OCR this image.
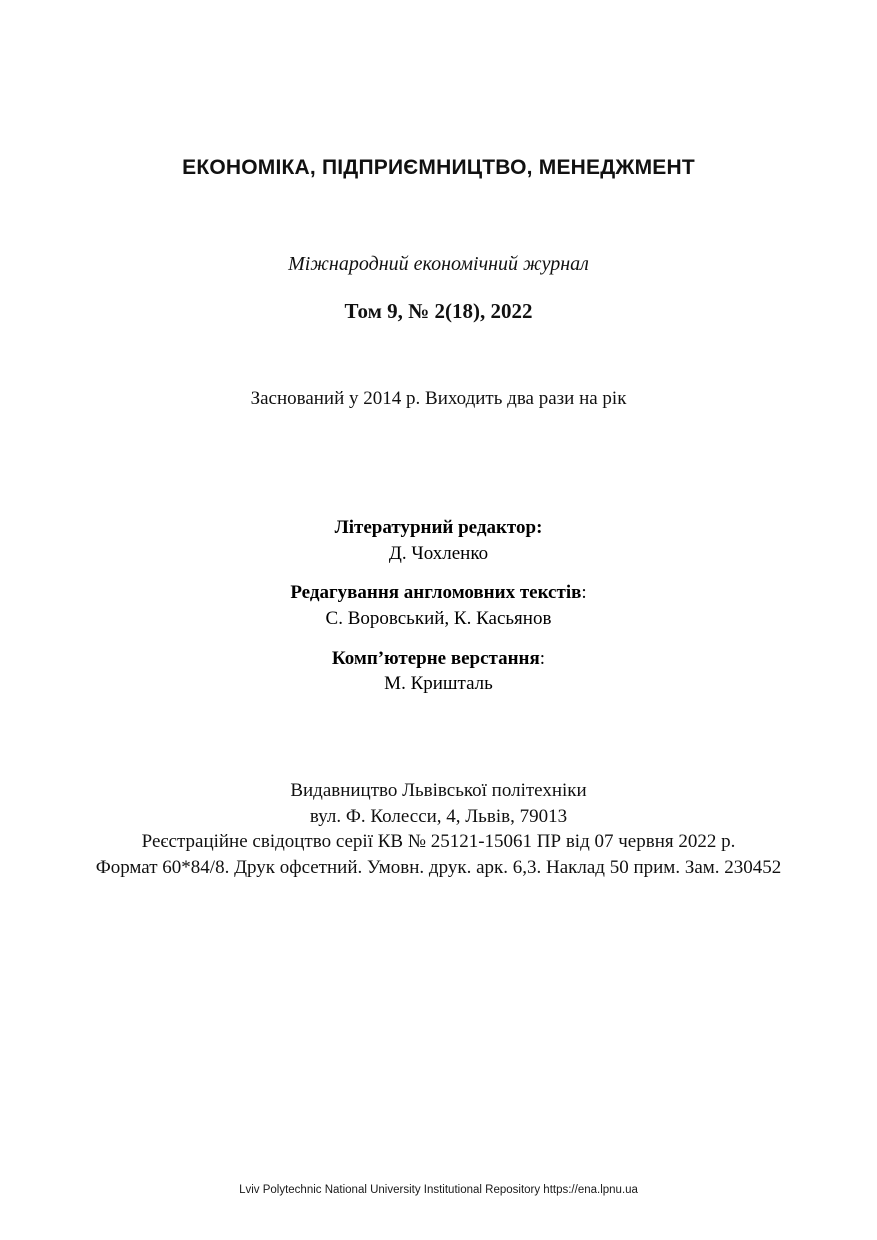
ЕКОНОМІКА, ПІДПРИЄМНИЦТВО, МЕНЕДЖМЕНТ
Міжнародний економічний журнал
Том 9, № 2(18), 2022
Заснований у 2014 р. Виходить два рази на рік
Літературний редактор:
Д. Чохленко
Редагування англомовних текстів:
С. Воровський, К. Касьянов
Комп’ютерне верстання:
М. Кришталь
Видавництво Львівської політехніки
вул. Ф. Колесси, 4, Львів, 79013
Реєстраційне свідоцтво серії КВ № 25121-15061 ПР від 07 червня 2022 р.
Формат 60*84/8. Друк офсетний. Умовн. друк. арк. 6,3. Наклад 50 прим. Зам. 230452
Lviv Polytechnic National University Institutional Repository https://ena.lpnu.ua
